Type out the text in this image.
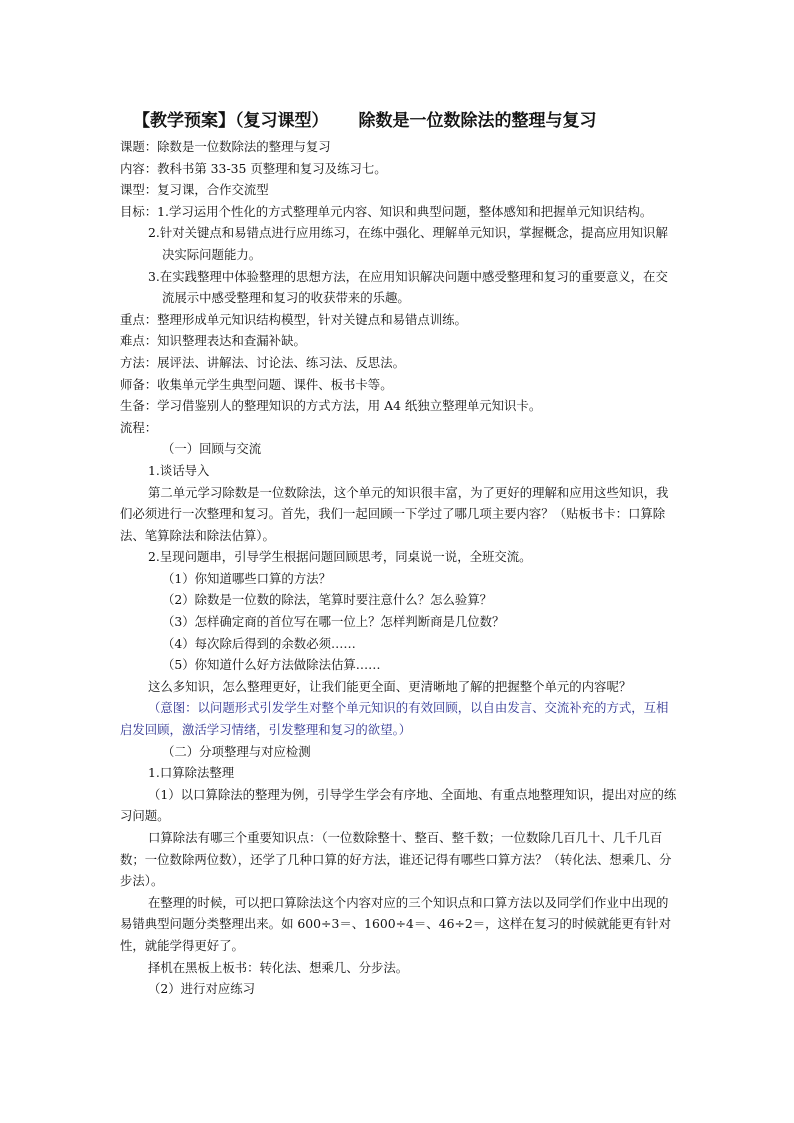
【教学预案】（复习课型） 除数是一位数除法的整理与复习
课题：除数是一位数除法的整理与复习
内容：教科书第 33-35 页整理和复习及练习七。
课型：复习课，合作交流型
目标：1.学习运用个性化的方式整理单元内容、知识和典型问题，整体感知和把握单元知识结构。
2.针对关键点和易错点进行应用练习，在练中强化、理解单元知识，掌握概念，提高应用知识解决实际问题能力。
3.在实践整理中体验整理的思想方法，在应用知识解决问题中感受整理和复习的重要意义，在交流展示中感受整理和复习的收获带来的乐趣。
重点：整理形成单元知识结构模型，针对关键点和易错点训练。
难点：知识整理表达和查漏补缺。
方法：展评法、讲解法、讨论法、练习法、反思法。
师备：收集单元学生典型问题、课件、板书卡等。
生备：学习借鉴别人的整理知识的方式方法，用 A4 纸独立整理单元知识卡。
流程：
（一）回顾与交流
1.谈话导入
第二单元学习除数是一位数除法，这个单元的知识很丰富，为了更好的理解和应用这些知识，我们必须进行一次整理和复习。首先，我们一起回顾一下学过了哪几项主要内容？（贴板书卡：口算除法、笔算除法和除法估算）。
2.呈现问题串，引导学生根据问题回顾思考，同桌说一说，全班交流。
（1）你知道哪些口算的方法？
（2）除数是一位数的除法，笔算时要注意什么？怎么验算？
（3）怎样确定商的首位写在哪一位上？怎样判断商是几位数？
（4）每次除后得到的余数必须……
（5）你知道什么好方法做除法估算……
这么多知识，怎么整理更好，让我们能更全面、更清晰地了解的把握整个单元的内容呢？
（意图：以问题形式引发学生对整个单元知识的有效回顾，以自由发言、交流补充的方式，互相启发回顾，激活学习情绪，引发整理和复习的欲望。）
（二）分项整理与对应检测
1.口算除法整理
（1）以口算除法的整理为例，引导学生学会有序地、全面地、有重点地整理知识，提出对应的练习问题。
口算除法有哪三个重要知识点：（一位数除整十、整百、整千数；一位数除几百几十、几千几百数；一位数除两位数），还学了几种口算的好方法，谁还记得有哪些口算方法？（转化法、想乘几、分步法）。
在整理的时候，可以把口算除法这个内容对应的三个知识点和口算方法以及同学们作业中出现的易错典型问题分类整理出来。如 600÷3＝、1600÷4＝、46÷2＝，这样在复习的时候就能更有针对性，就能学得更好了。
择机在黑板上板书：转化法、想乘几、分步法。
（2）进行对应练习
